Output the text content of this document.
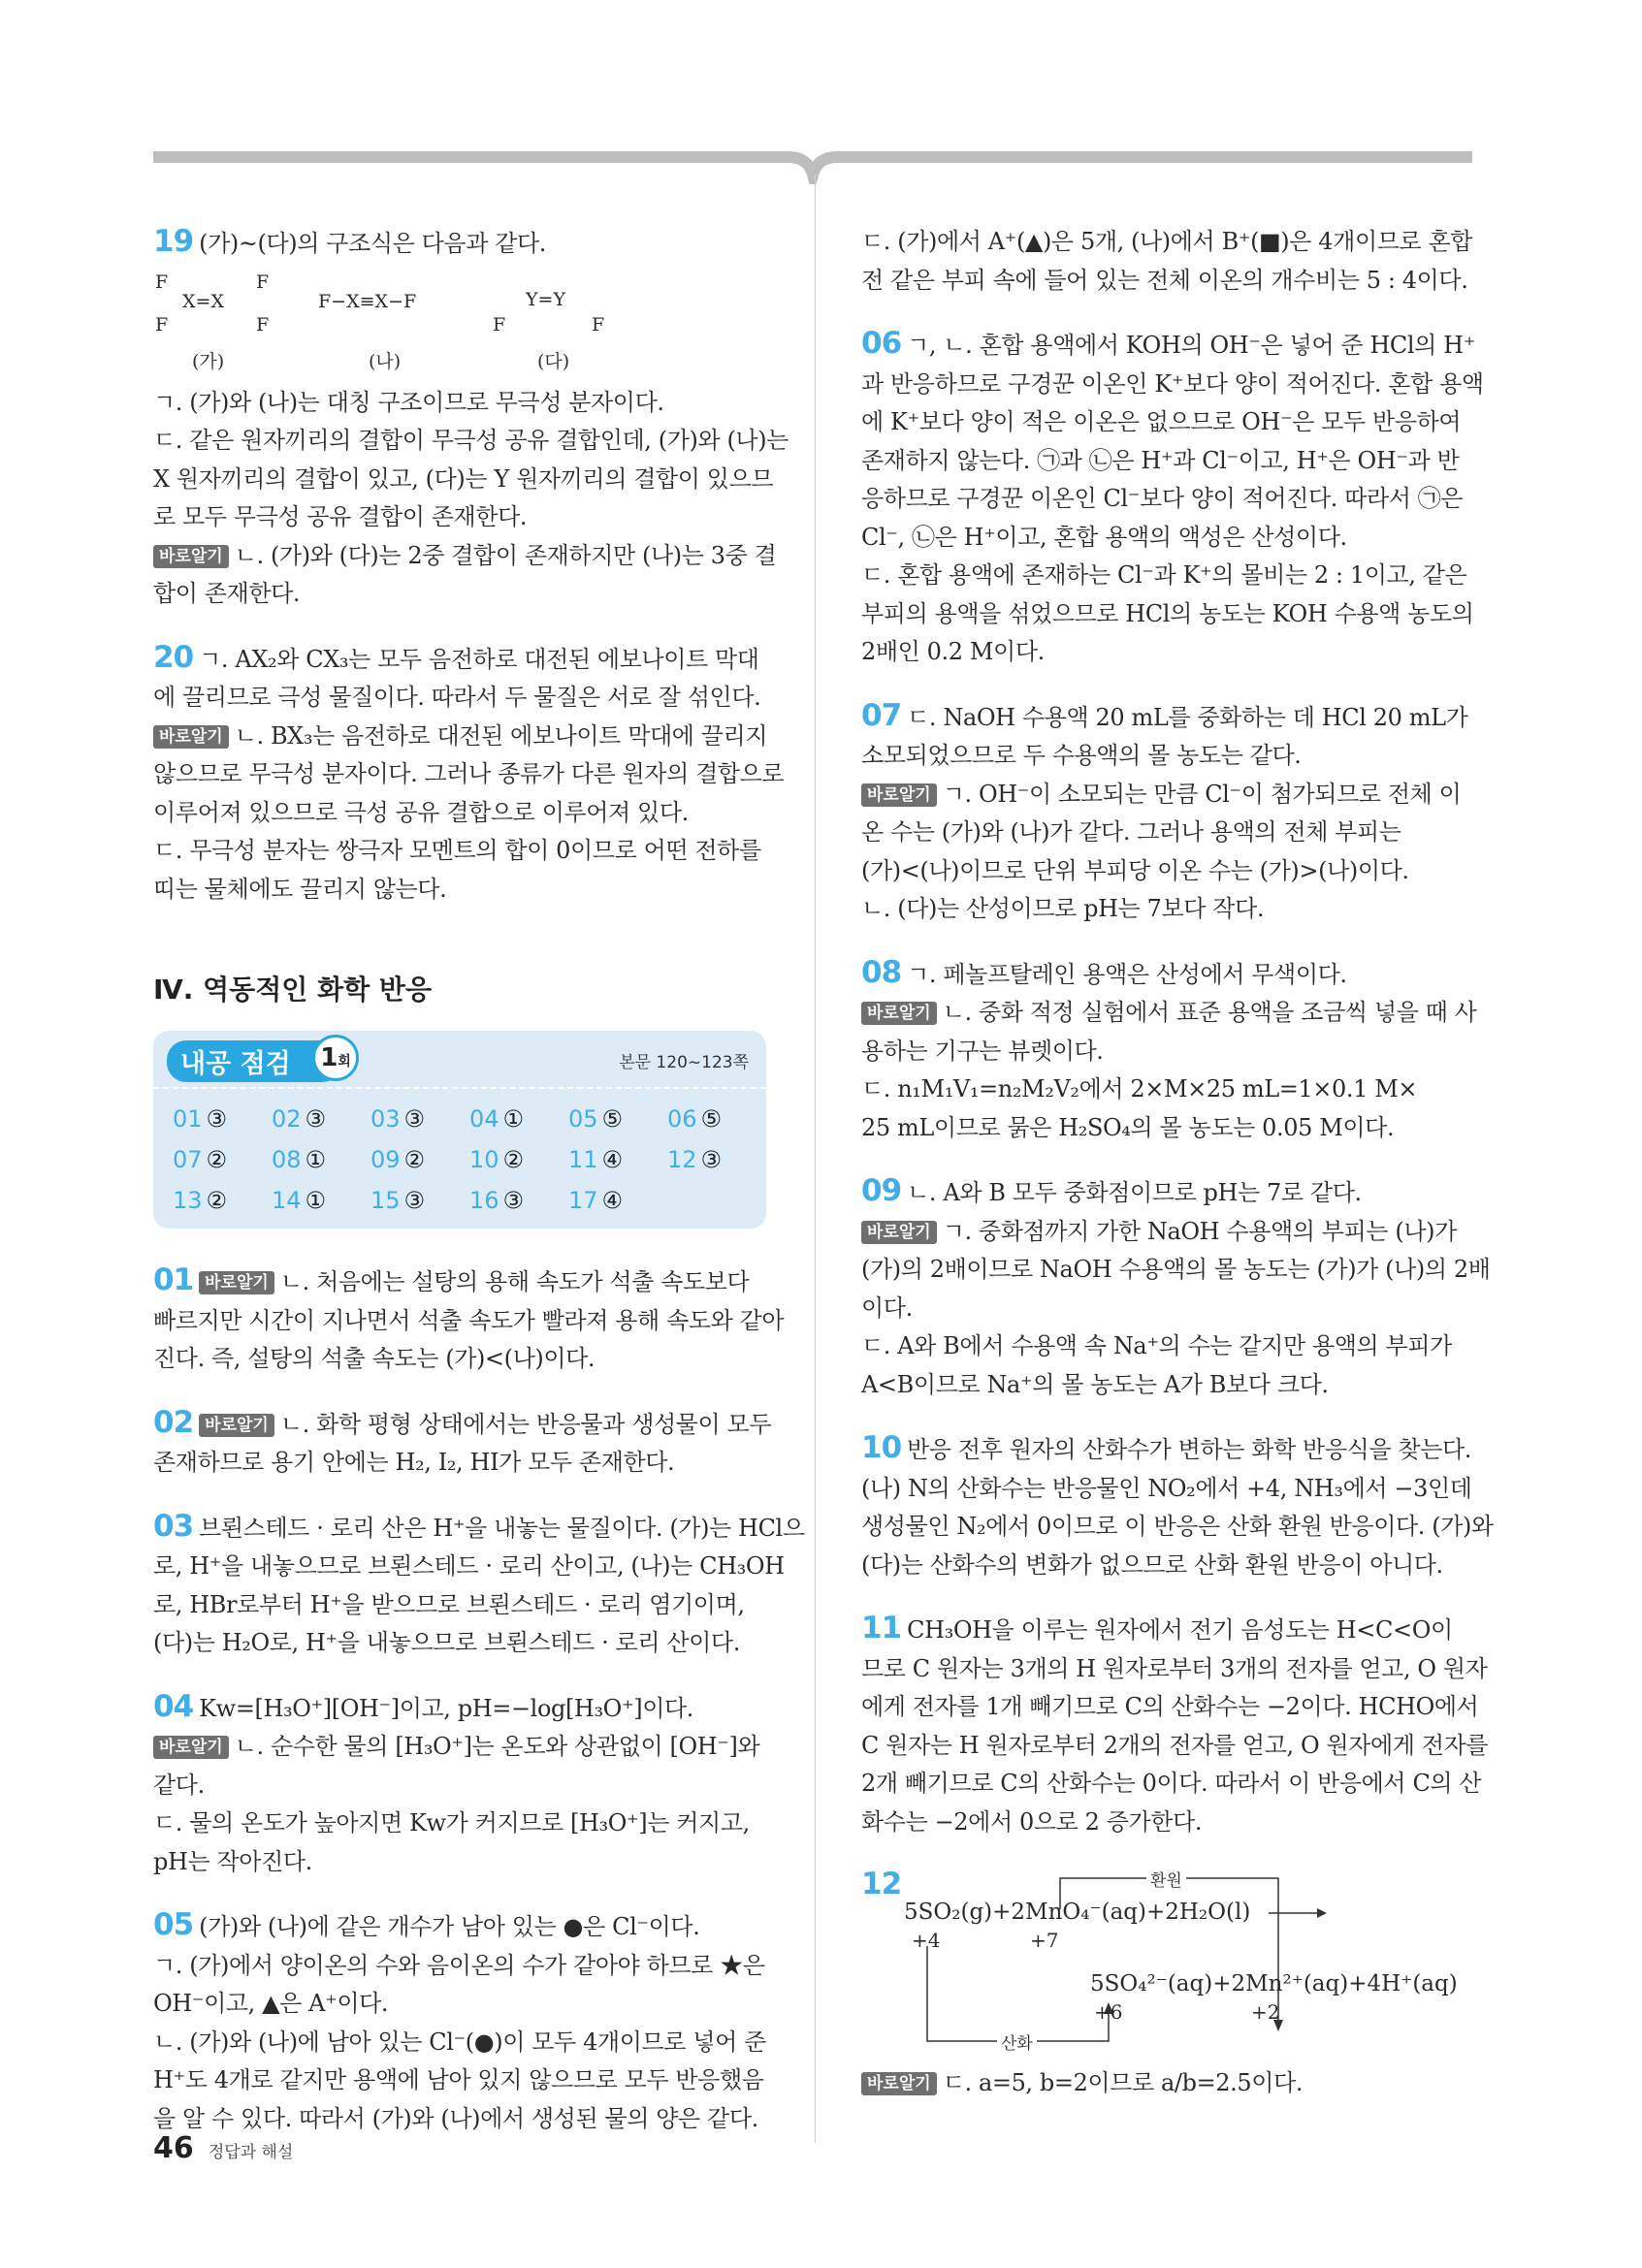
19 (가)~(다)의 구조식은 다음과 같다.

F	F
X=X
F	F
F−X≡X−F	Y=Y
F	F
(가)	(나)	(다)

ㄱ. (가)와 (나)는 대칭 구조이므로 무극성 분자이다.

ㄷ. 같은 원자끼리의 결합이 무극성 공유 결합인데, (가)와 (나)는

X 원자끼리의 결합이 있고, (다)는 Y 원자끼리의 결합이 있으므

로 모두 무극성 공유 결합이 존재한다.

바로알기 ㄴ. (가)와 (다)는 2중 결합이 존재하지만 (나)는 3중 결

합이 존재한다.

20 ㄱ. AX₂와 CX₃는 모두 음전하로 대전된 에보나이트 막대

에 끌리므로 극성 물질이다. 따라서 두 물질은 서로 잘 섞인다.

바로알기 ㄴ. BX₃는 음전하로 대전된 에보나이트 막대에 끌리지

않으므로 무극성 분자이다. 그러나 종류가 다른 원자의 결합으로

이루어져 있으므로 극성 공유 결합으로 이루어져 있다.

ㄷ. 무극성 분자는 쌍극자 모멘트의 합이 0이므로 어떤 전하를

띠는 물체에도 끌리지 않는다.

Ⅳ. 역동적인 화학 반응
내공 점검	1회	본문 120~123쪽
01 ③	02 ③	03 ③	04 ①	05 ⑤	06 ⑤
07 ②	08 ①	09 ②	10 ②	11 ④	12 ③
13 ②	14 ①	15 ③	16 ③	17 ④

01 바로알기 ㄴ. 처음에는 설탕의 용해 속도가 석출 속도보다

빠르지만 시간이 지나면서 석출 속도가 빨라져 용해 속도와 같아

진다. 즉, 설탕의 석출 속도는 (가)<(나)이다.

02 바로알기 ㄴ. 화학 평형 상태에서는 반응물과 생성물이 모두

존재하므로 용기 안에는 H₂, I₂, HI가 모두 존재한다.

03 브뢴스테드 · 로리 산은 H⁺을 내놓는 물질이다. (가)는 HCl으

로, H⁺을 내놓으므로 브뢴스테드 · 로리 산이고, (나)는 CH₃OH

로, HBr로부터 H⁺을 받으므로 브뢴스테드 · 로리 염기이며,

(다)는 H₂O로, H⁺을 내놓으므로 브뢴스테드 · 로리 산이다.

04 Kw=[H₃O⁺][OH⁻]이고, pH=−log[H₃O⁺]이다.

바로알기 ㄴ. 순수한 물의 [H₃O⁺]는 온도와 상관없이 [OH⁻]와

같다.

ㄷ. 물의 온도가 높아지면 Kw가 커지므로 [H₃O⁺]는 커지고,

pH는 작아진다.

05 (가)와 (나)에 같은 개수가 남아 있는 ●은 Cl⁻이다.

ㄱ. (가)에서 양이온의 수와 음이온의 수가 같아야 하므로 ★은

OH⁻이고, ▲은 A⁺이다.

ㄴ. (가)와 (나)에 남아 있는 Cl⁻(●)이 모두 4개이므로 넣어 준

H⁺도 4개로 같지만 용액에 남아 있지 않으므로 모두 반응했음

을 알 수 있다. 따라서 (가)와 (나)에서 생성된 물의 양은 같다.

ㄷ. (가)에서 A⁺(▲)은 5개, (나)에서 B⁺(■)은 4개이므로 혼합

전 같은 부피 속에 들어 있는 전체 이온의 개수비는 5 : 4이다.

06 ㄱ, ㄴ. 혼합 용액에서 KOH의 OH⁻은 넣어 준 HCl의 H⁺

과 반응하므로 구경꾼 이온인 K⁺보다 양이 적어진다. 혼합 용액

에 K⁺보다 양이 적은 이온은 없으므로 OH⁻은 모두 반응하여

존재하지 않는다. ㉠과 ㉡은 H⁺과 Cl⁻이고, H⁺은 OH⁻과 반

응하므로 구경꾼 이온인 Cl⁻보다 양이 적어진다. 따라서 ㉠은

Cl⁻, ㉡은 H⁺이고, 혼합 용액의 액성은 산성이다.

ㄷ. 혼합 용액에 존재하는 Cl⁻과 K⁺의 몰비는 2 : 1이고, 같은

부피의 용액을 섞었으므로 HCl의 농도는 KOH 수용액 농도의

2배인 0.2 M이다.

07 ㄷ. NaOH 수용액 20 mL를 중화하는 데 HCl 20 mL가

소모되었으므로 두 수용액의 몰 농도는 같다.

바로알기 ㄱ. OH⁻이 소모되는 만큼 Cl⁻이 첨가되므로 전체 이

온 수는 (가)와 (나)가 같다. 그러나 용액의 전체 부피는

(가)<(나)이므로 단위 부피당 이온 수는 (가)>(나)이다.

ㄴ. (다)는 산성이므로 pH는 7보다 작다.

08 ㄱ. 페놀프탈레인 용액은 산성에서 무색이다.

바로알기 ㄴ. 중화 적정 실험에서 표준 용액을 조금씩 넣을 때 사

용하는 기구는 뷰렛이다.

ㄷ. n₁M₁V₁=n₂M₂V₂에서 2×M×25 mL=1×0.1 M×

25 mL이므로 묽은 H₂SO₄의 몰 농도는 0.05 M이다.

09 ㄴ. A와 B 모두 중화점이므로 pH는 7로 같다.

바로알기 ㄱ. 중화점까지 가한 NaOH 수용액의 부피는 (나)가

(가)의 2배이므로 NaOH 수용액의 몰 농도는 (가)가 (나)의 2배

이다.

ㄷ. A와 B에서 수용액 속 Na⁺의 수는 같지만 용액의 부피가

A<B이므로 Na⁺의 몰 농도는 A가 B보다 크다.

10 반응 전후 원자의 산화수가 변하는 화학 반응식을 찾는다.

(나) N의 산화수는 반응물인 NO₂에서 +4, NH₃에서 −3인데

생성물인 N₂에서 0이므로 이 반응은 산화 환원 반응이다. (가)와

(다)는 산화수의 변화가 없으므로 산화 환원 반응이 아니다.

11 CH₃OH을 이루는 원자에서 전기 음성도는 H<C<O이

므로 C 원자는 3개의 H 원자로부터 3개의 전자를 얻고, O 원자

에게 전자를 1개 빼기므로 C의 산화수는 −2이다. HCHO에서

C 원자는 H 원자로부터 2개의 전자를 얻고, O 원자에게 전자를

2개 빼기므로 C의 산화수는 0이다. 따라서 이 반응에서 C의 산

화수는 −2에서 0으로 2 증가한다.

12	환원
5SO₂(g)+2MnO₄⁻(aq)+2H₂O(l)
+4	+7
5SO₄²⁻(aq)+2Mn²⁺(aq)+4H⁺(aq)
+6	+2
산화

바로알기 ㄷ. a=5, b=2이므로 a/b=2.5이다.

46 정답과 해설
